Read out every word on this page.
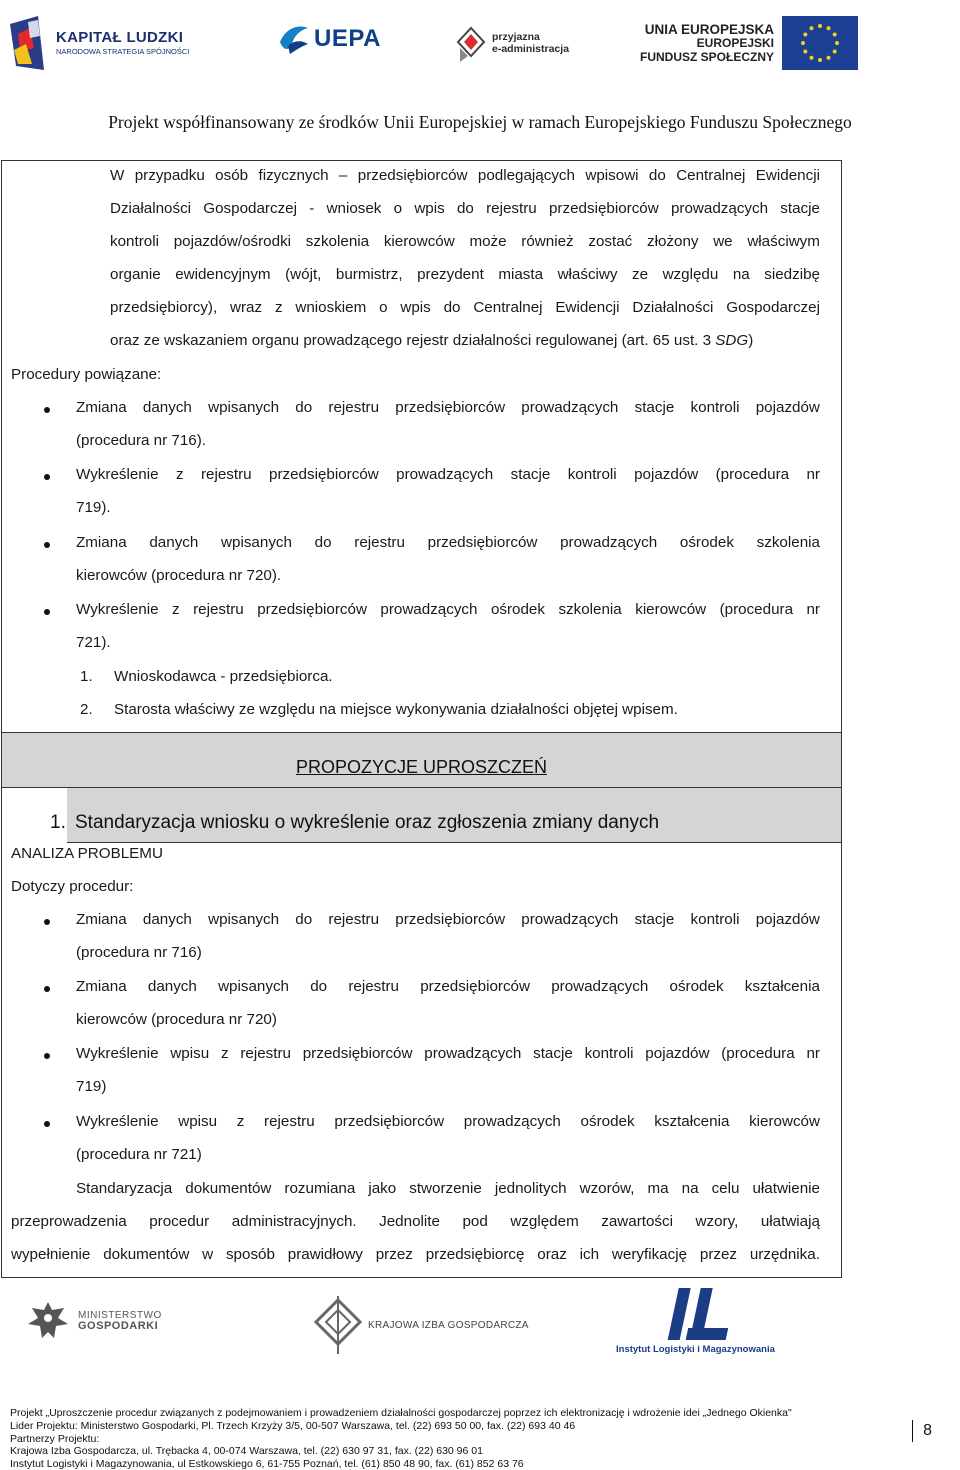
KAPITAŁ LUDZKI
NARODOWA STRATEGIA SPÓJNOŚCI	UEPA	przyjazna
e-administracja
UNIA EUROPEJSKA
EUROPEJSKI
FUNDUSZ SPOŁECZNY
Projekt współfinansowany ze środków Unii Europejskiej w ramach Europejskiego Funduszu Społecznego
W przypadku osób fizycznych – przedsiębiorców podlegających wpisowi do Centralnej Ewidencji
Działalności Gospodarczej - wniosek o wpis do rejestru przedsiębiorców prowadzących stacje
kontroli pojazdów/ośrodki szkolenia kierowców może również zostać złożony we właściwym
organie ewidencyjnym (wójt, burmistrz, prezydent miasta właściwy ze względu na siedzibę
przedsiębiorcy), wraz z wnioskiem o wpis do Centralnej Ewidencji Działalności Gospodarczej
oraz ze wskazaniem organu prowadzącego rejestr działalności regulowanej (art. 65 ust. 3 SDG)
Procedury powiązane:
Zmiana danych wpisanych do rejestru przedsiębiorców prowadzących stacje kontroli pojazdów
(procedura nr 716).
Wykreślenie z rejestru przedsiębiorców prowadzących stacje kontroli pojazdów (procedura nr
719).
Zmiana danych wpisanych do rejestru przedsiębiorców prowadzących ośrodek szkolenia
kierowców (procedura nr 720).
Wykreślenie z rejestru przedsiębiorców prowadzących ośrodek szkolenia kierowców (procedura nr
721).
1. Wnioskodawca - przedsiębiorca.
2. Starosta właściwy ze względu na miejsce wykonywania działalności objętej wpisem.
PROPOZYCJE UPROSZCZEŃ
1. Standaryzacja wniosku o wykreślenie oraz zgłoszenia zmiany danych
ANALIZA PROBLEMU
Dotyczy procedur:
Zmiana danych wpisanych do rejestru przedsiębiorców prowadzących stacje kontroli pojazdów
(procedura nr 716)
Zmiana danych wpisanych do rejestru przedsiębiorców prowadzących ośrodek kształcenia
kierowców (procedura nr 720)
Wykreślenie wpisu z rejestru przedsiębiorców prowadzących stacje kontroli pojazdów (procedura nr
719)
Wykreślenie wpisu z rejestru przedsiębiorców prowadzących ośrodek kształcenia kierowców
(procedura nr 721)
Standaryzacja dokumentów rozumiana jako stworzenie jednolitych wzorów, ma na celu ułatwienie
przeprowadzenia procedur administracyjnych. Jednolite pod względem zawartości wzory, ułatwiają
wypełnienie dokumentów w sposób prawidłowy przez przedsiębiorcę oraz ich weryfikację przez urzędnika.
MINISTERSTWO
GOSPODARKI	KRAJOWA IZBA GOSPODARCZA
Instytut Logistyki i Magazynowania
Projekt „Uproszczenie procedur związanych z podejmowaniem i prowadzeniem działalności gospodarczej poprzez ich elektronizację i wdrożenie idei „Jednego Okienka"
Lider Projektu: Ministerstwo Gospodarki, Pl. Trzech Krzyży 3/5, 00-507 Warszawa, tel. (22) 693 50 00, fax. (22) 693 40 46
Partnerzy Projektu:
Krajowa Izba Gospodarcza, ul. Trębacka 4, 00-074 Warszawa, tel. (22) 630 97 31, fax. (22) 630 96 01
Instytut Logistyki i Magazynowania, ul Estkowskiego 6, 61-755 Poznań, tel. (61) 850 48 90, fax. (61) 852 63 76
8
